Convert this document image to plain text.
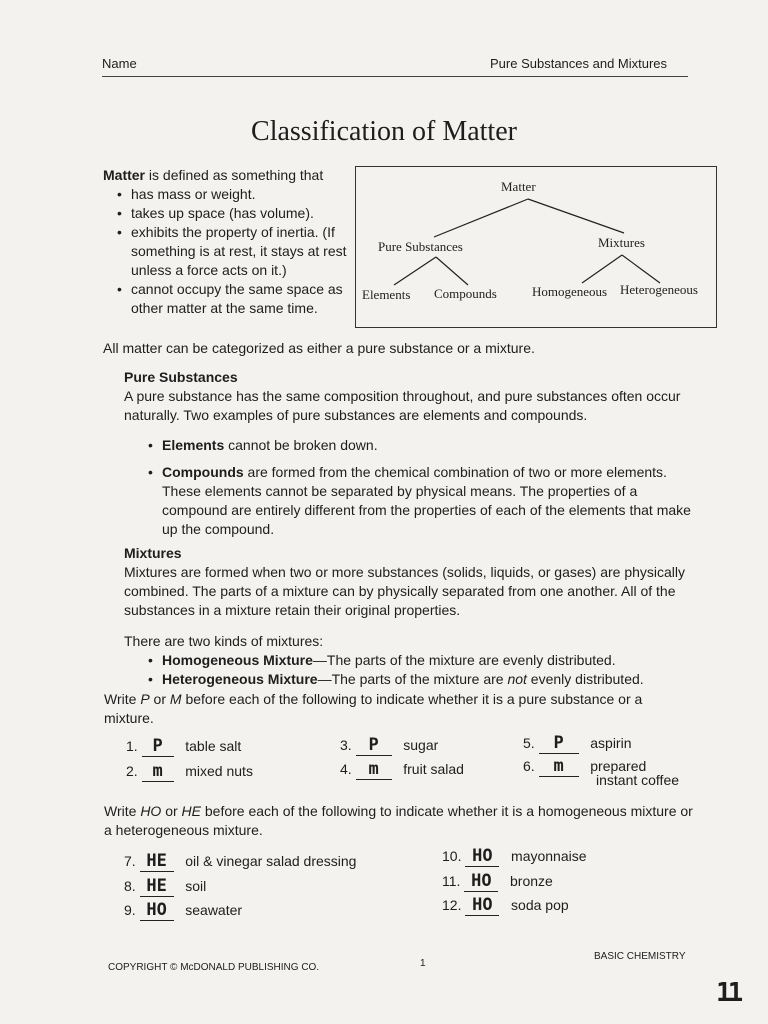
Name	Pure Substances and Mixtures
Classification of Matter
Matter is defined as something that
• has mass or weight.
• takes up space (has volume).
• exhibits the property of inertia. (If something is at rest, it stays at rest unless a force acts on it.)
• cannot occupy the same space as other matter at the same time.
All matter can be categorized as either a pure substance or a mixture.
Matter
Pure Substances	Mixtures
Elements Compounds	Homogeneous Heterogeneous
Pure Substances
A pure substance has the same composition throughout, and pure substances often occur naturally. Two examples of pure substances are elements and compounds.
• Elements cannot be broken down.
• Compounds are formed from the chemical combination of two or more elements. These elements cannot be separated by physical means. The properties of a compound are entirely different from the properties of each of the elements that make up the compound.
Mixtures
Mixtures are formed when two or more substances (solids, liquids, or gases) are physically combined. The parts of a mixture can by physically separated from one another. All of the substances in a mixture retain their original properties.
There are two kinds of mixtures:
• Homogeneous Mixture—The parts of the mixture are evenly distributed.
• Heterogeneous Mixture—The parts of the mixture are not evenly distributed.
Write P or M before each of the following to indicate whether it is a pure substance or a mixture.
1. P table salt
2. m mixed nuts
3. P sugar
4. m fruit salad
5. P aspirin
6. m prepared
instant coffee
Write HO or HE before each of the following to indicate whether it is a homogeneous mixture or a heterogeneous mixture.
7. HE oil & vinegar salad dressing
8. HE soil
9. HO seawater
10. HO mayonnaise
11. HO bronze
12. HO soda pop
COPYRIGHT © McDONALD PUBLISHING CO.	1
BASIC CHEMISTRY
11
